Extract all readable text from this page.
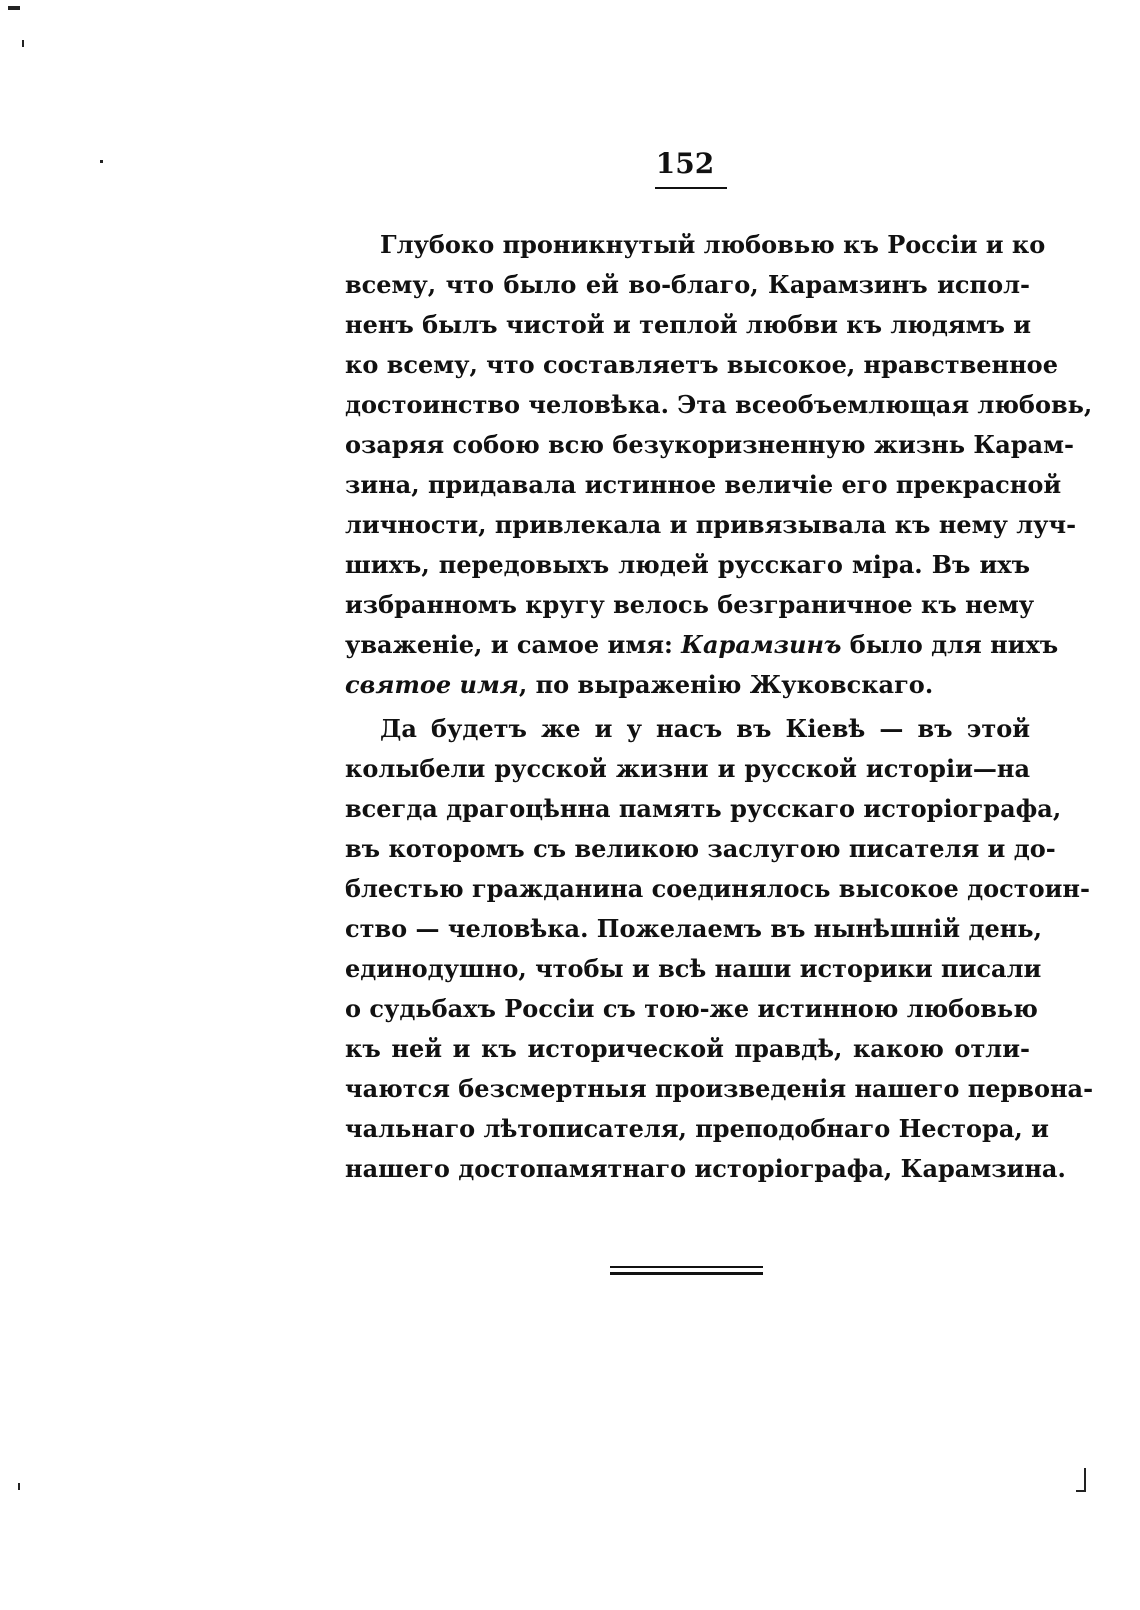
152
Глубоко проникнутый любовью къ Россіи и ко
всему, что было ей во-благо, Карамзинъ испол-
ненъ былъ чистой и теплой любви къ людямъ и
ко всему, что составляетъ высокое, нравственное
достоинство человѣка. Эта всеобъемлющая любовь,
озаряя собою всю безукоризненную жизнь Карам-
зина, придавала истинное величіе его прекрасной
личности, привлекала и привязывала къ нему луч-
шихъ, передовыхъ людей русскаго міра. Въ ихъ
избранномъ кругу велось безграничное къ нему
уваженіе, и самое имя: Карамзинъ было для нихъ
святое имя, по выраженію Жуковскаго.
Да будетъ же и у насъ въ Кіевѣ — въ этой
колыбели русской жизни и русской исторіи—на
всегда драгоцѣнна память русскаго исторіографа,
въ которомъ съ великою заслугою писателя и до-
блестью гражданина соединялось высокое достоин-
ство — человѣка. Пожелаемъ въ нынѣшній день,
единодушно, чтобы и всѣ наши историки писали
о судьбахъ Россіи съ тою-же истинною любовью
къ ней и къ исторической правдѣ, какою отли-
чаются безсмертныя произведенія нашего первона-
чальнаго лѣтописателя, преподобнаго Нестора, и
нашего достопамятнаго исторіографа, Карамзина.
